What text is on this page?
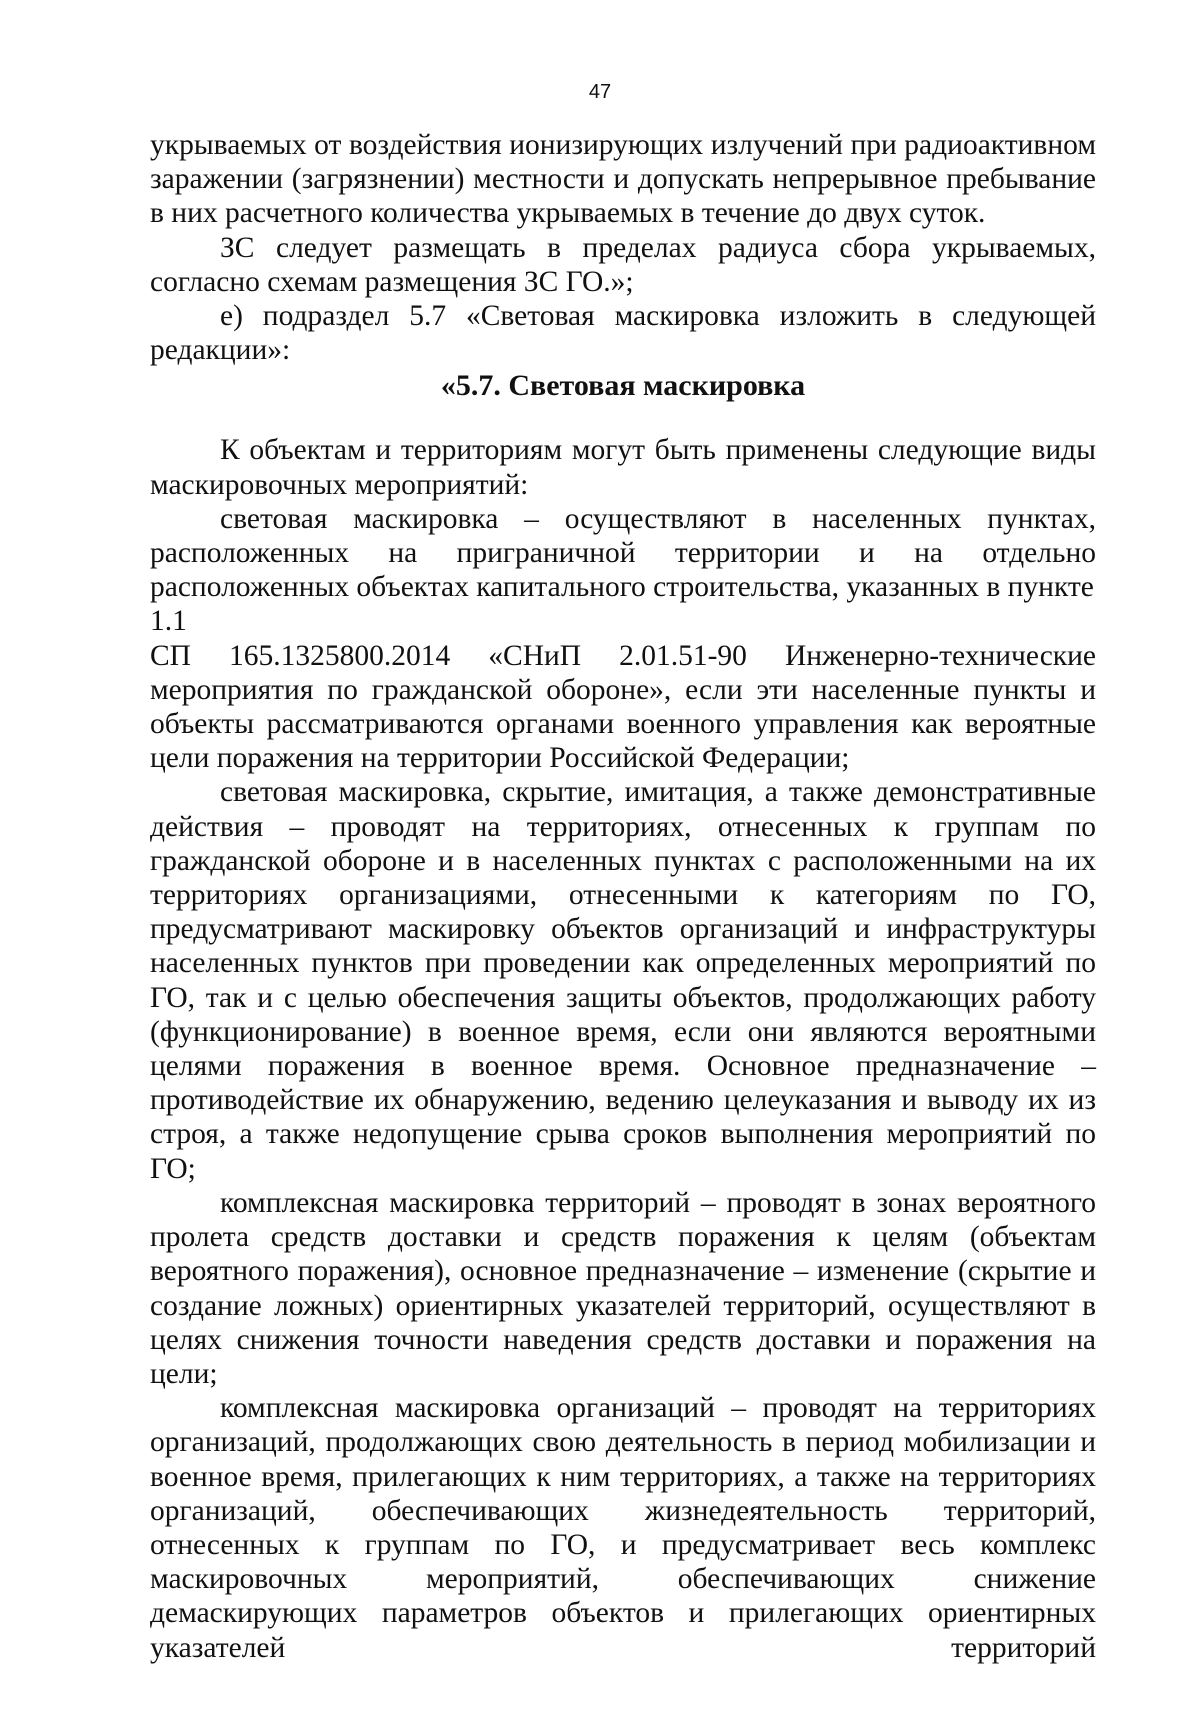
47

укрываемых от воздействия ионизирующих излучений при радиоактивном заражении (загрязнении) местности и допускать непрерывное пребывание в них расчетного количества укрываемых в течение до двух суток.

ЗС следует размещать в пределах радиуса сбора укрываемых, согласно схемам размещения ЗС ГО.»;

е) подраздел 5.7 «Световая маскировка изложить в следующей редакции»:

«5.7. Световая маскировка

К объектам и территориям могут быть применены следующие виды маскировочных мероприятий:

световая маскировка – осуществляют в населенных пунктах, расположенных на приграничной территории и на отдельно расположенных объектах капитального строительства, указанных в пункте

1.1

СП 165.1325800.2014 «СНиП 2.01.51-90 Инженерно-технические мероприятия по гражданской обороне», если эти населенные пункты и объекты рассматриваются органами военного управления как вероятные цели поражения на территории Российской Федерации;

световая маскировка, скрытие, имитация, а также демонстративные действия – проводят на территориях, отнесенных к группам по гражданской обороне и в населенных пунктах с расположенными на их территориях организациями, отнесенными к категориям по ГО, предусматривают маскировку объектов организаций и инфраструктуры населенных пунктов при проведении как определенных мероприятий по ГО, так и с целью обеспечения защиты объектов, продолжающих работу (функционирование) в военное время, если они являются вероятными целями поражения в военное время. Основное предназначение – противодействие их обнаружению, ведению целеуказания и выводу их из строя, а также недопущение срыва сроков выполнения мероприятий по ГО;

комплексная маскировка территорий – проводят в зонах вероятного пролета средств доставки и средств поражения к целям (объектам вероятного поражения), основное предназначение – изменение (скрытие и создание ложных) ориентирных указателей территорий, осуществляют в целях снижения точности наведения средств доставки и поражения на цели;

комплексная маскировка организаций – проводят на территориях организаций, продолжающих свою деятельность в период мобилизации и военное время, прилегающих к ним территориях, а также на территориях организаций, обеспечивающих жизнедеятельность территорий, отнесенных к группам по ГО, и предусматривает весь комплекс маскировочных мероприятий, обеспечивающих снижение демаскирующих параметров объектов и прилегающих ориентирных указателей территорий
